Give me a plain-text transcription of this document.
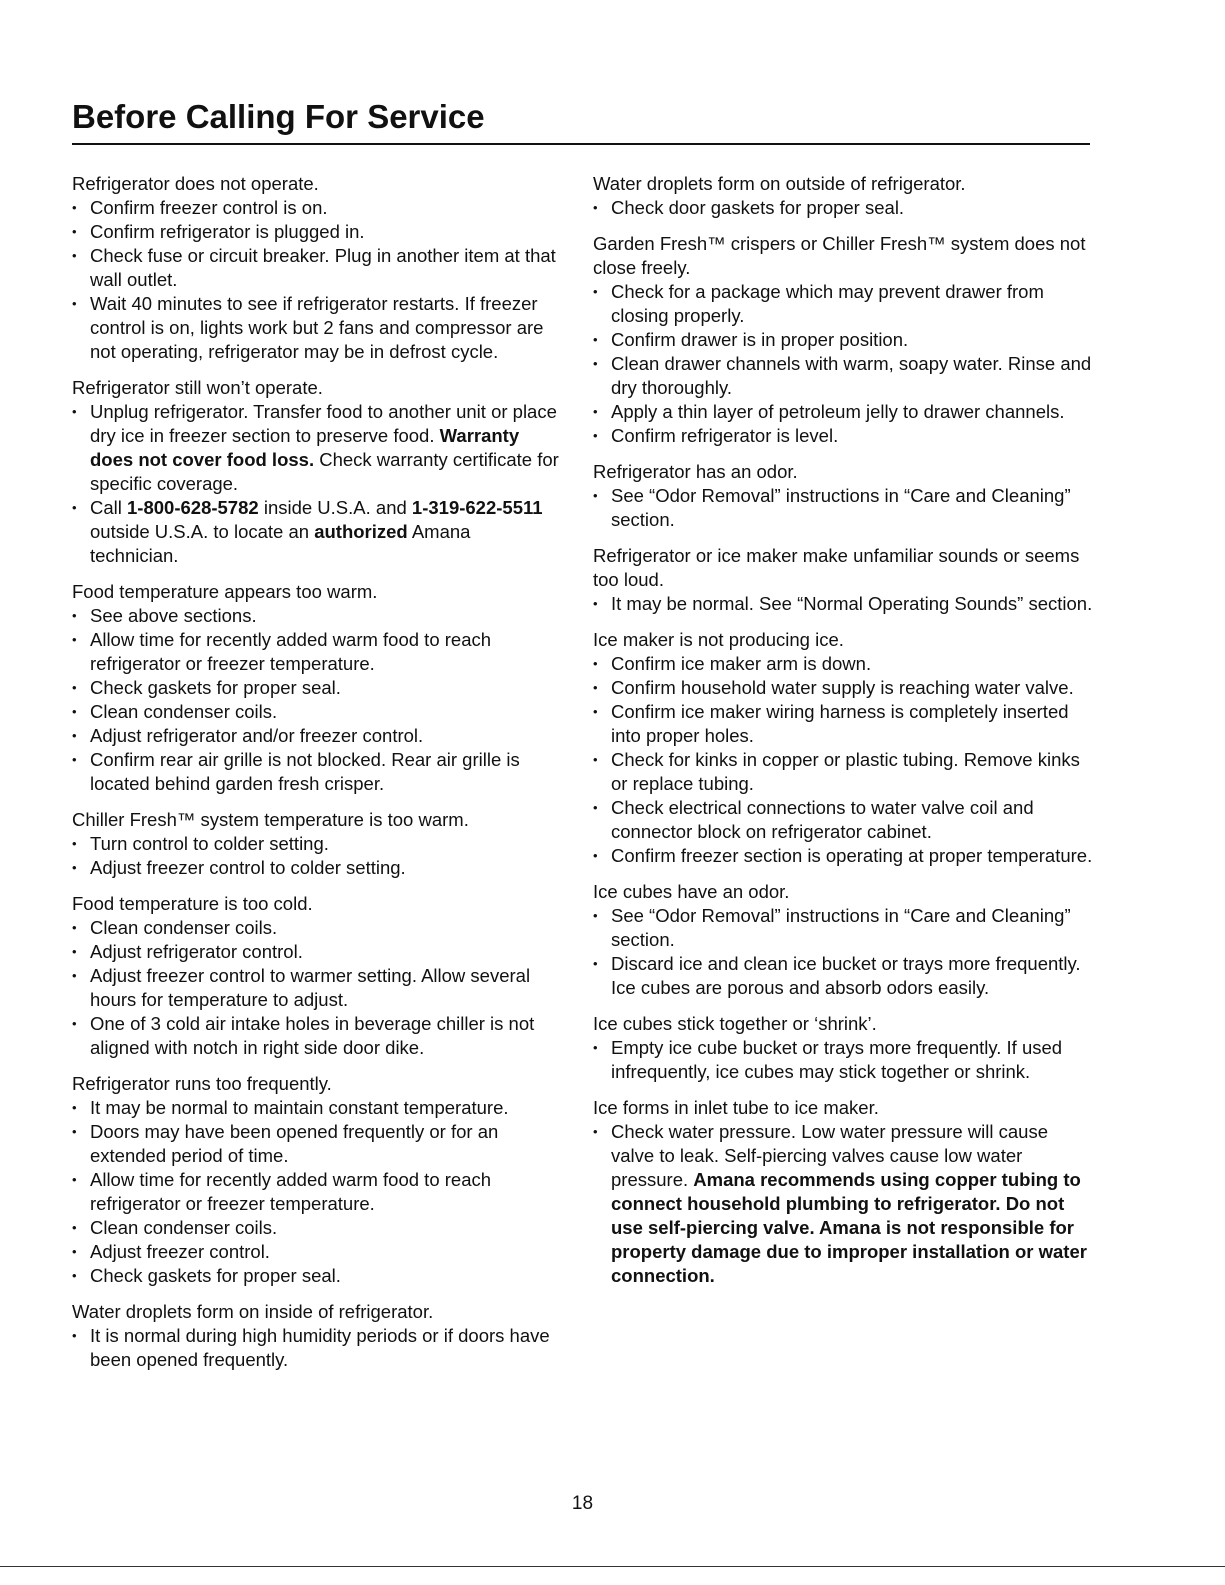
Before Calling For Service
Refrigerator does not operate.
• Confirm freezer control is on.
• Confirm refrigerator is plugged in.
• Check fuse or circuit breaker. Plug in another item at that wall outlet.
• Wait 40 minutes to see if refrigerator restarts. If freezer control is on, lights work but 2 fans and compressor are not operating, refrigerator may be in defrost cycle.
Refrigerator still won’t operate.
• Unplug refrigerator. Transfer food to another unit or place dry ice in freezer section to preserve food. Warranty does not cover food loss. Check warranty certificate for specific coverage.
• Call 1-800-628-5782 inside U.S.A. and 1-319-622-5511 outside U.S.A. to locate an authorized Amana technician.
Food temperature appears too warm.
• See above sections.
• Allow time for recently added warm food to reach refrigerator or freezer temperature.
• Check gaskets for proper seal.
• Clean condenser coils.
• Adjust refrigerator and/or freezer control.
• Confirm rear air grille is not blocked. Rear air grille is located behind garden fresh crisper.
Chiller Fresh™ system temperature is too warm.
• Turn control to colder setting.
• Adjust freezer control to colder setting.
Food temperature is too cold.
• Clean condenser coils.
• Adjust refrigerator control.
• Adjust freezer control to warmer setting. Allow several hours for temperature to adjust.
• One of 3 cold air intake holes in beverage chiller is not aligned with notch in right side door dike.
Refrigerator runs too frequently.
• It may be normal to maintain constant temperature.
• Doors may have been opened frequently or for an extended period of time.
• Allow time for recently added warm food to reach refrigerator or freezer temperature.
• Clean condenser coils.
• Adjust freezer control.
• Check gaskets for proper seal.
Water droplets form on inside of refrigerator.
• It is normal during high humidity periods or if doors have been opened frequently.
Water droplets form on outside of refrigerator.
• Check door gaskets for proper seal.
Garden Fresh™ crispers or Chiller Fresh™ system does not close freely.
• Check for a package which may prevent drawer from closing properly.
• Confirm drawer is in proper position.
• Clean drawer channels with warm, soapy water. Rinse and dry thoroughly.
• Apply a thin layer of petroleum jelly to drawer channels.
• Confirm refrigerator is level.
Refrigerator has an odor.
• See “Odor Removal” instructions in “Care and Cleaning” section.
Refrigerator or ice maker make unfamiliar sounds or seems too loud.
• It may be normal. See “Normal Operating Sounds” section.
Ice maker is not producing ice.
• Confirm ice maker arm is down.
• Confirm household water supply is reaching water valve.
• Confirm ice maker wiring harness is completely inserted into proper holes.
• Check for kinks in copper or plastic tubing. Remove kinks or replace tubing.
• Check electrical connections to water valve coil and connector block on refrigerator cabinet.
• Confirm freezer section is operating at proper temperature.
Ice cubes have an odor.
• See “Odor Removal” instructions in “Care and Cleaning” section.
• Discard ice and clean ice bucket or trays more frequently. Ice cubes are porous and absorb odors easily.
Ice cubes stick together or ‘shrink’.
• Empty ice cube bucket or trays more frequently. If used infrequently, ice cubes may stick together or shrink.
Ice forms in inlet tube to ice maker.
• Check water pressure. Low water pressure will cause valve to leak. Self-piercing valves cause low water pressure. Amana recommends using copper tubing to connect household plumbing to refrigerator. Do not use self-piercing valve. Amana is not responsible for property damage due to improper installation or water connection.
18
